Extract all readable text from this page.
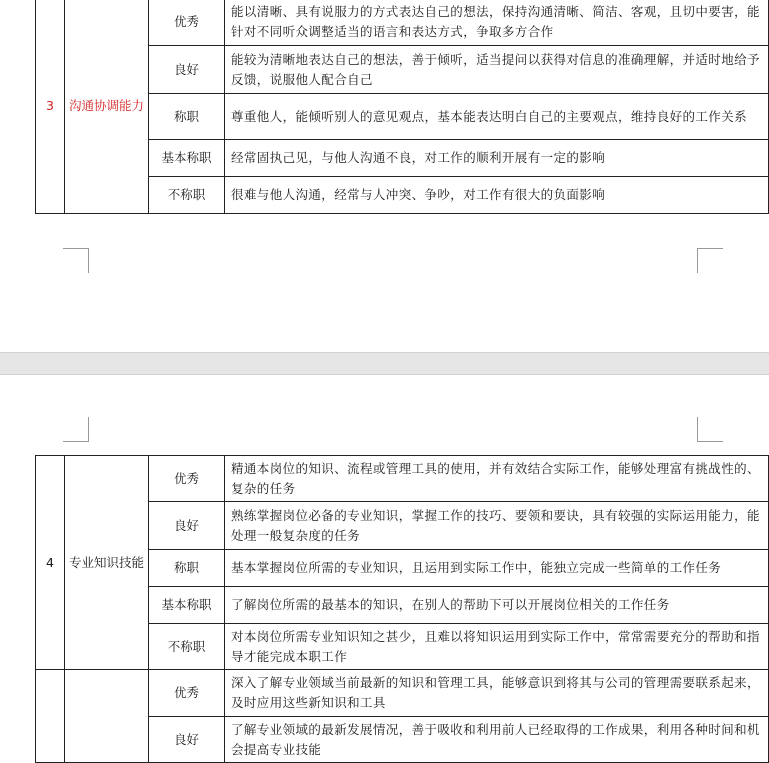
3	沟通协调能力	优秀	能以清晰、具有说服力的方式表达自己的想法，保持沟通清晰、简洁、客观，且切中要害，能针对不同听众调整适当的语言和表达方式，争取多方合作
		良好	能较为清晰地表达自己的想法，善于倾听，适当提问以获得对信息的准确理解，并适时地给予反馈，说服他人配合自己
		称职	尊重他人，能倾听别人的意见观点，基本能表达明白自己的主要观点，维持良好的工作关系
		基本称职	经常固执己见，与他人沟通不良，对工作的顺利开展有一定的影响
		不称职	很难与他人沟通，经常与人冲突、争吵，对工作有很大的负面影响
4	专业知识技能	优秀	精通本岗位的知识、流程或管理工具的使用，并有效结合实际工作，能够处理富有挑战性的、复杂的任务
		良好	熟练掌握岗位必备的专业知识，掌握工作的技巧、要领和要诀，具有较强的实际运用能力，能处理一般复杂度的任务
		称职	基本掌握岗位所需的专业知识，且运用到实际工作中，能独立完成一些简单的工作任务
		基本称职	了解岗位所需的最基本的知识，在别人的帮助下可以开展岗位相关的工作任务
		不称职	对本岗位所需专业知识知之甚少，且难以将知识运用到实际工作中，常常需要充分的帮助和指导才能完成本职工作
		优秀	深入了解专业领域当前最新的知识和管理工具，能够意识到将其与公司的管理需要联系起来，及时应用这些新知识和工具
		良好	了解专业领域的最新发展情况，善于吸收和利用前人已经取得的工作成果，利用各种时间和机会提高专业技能
